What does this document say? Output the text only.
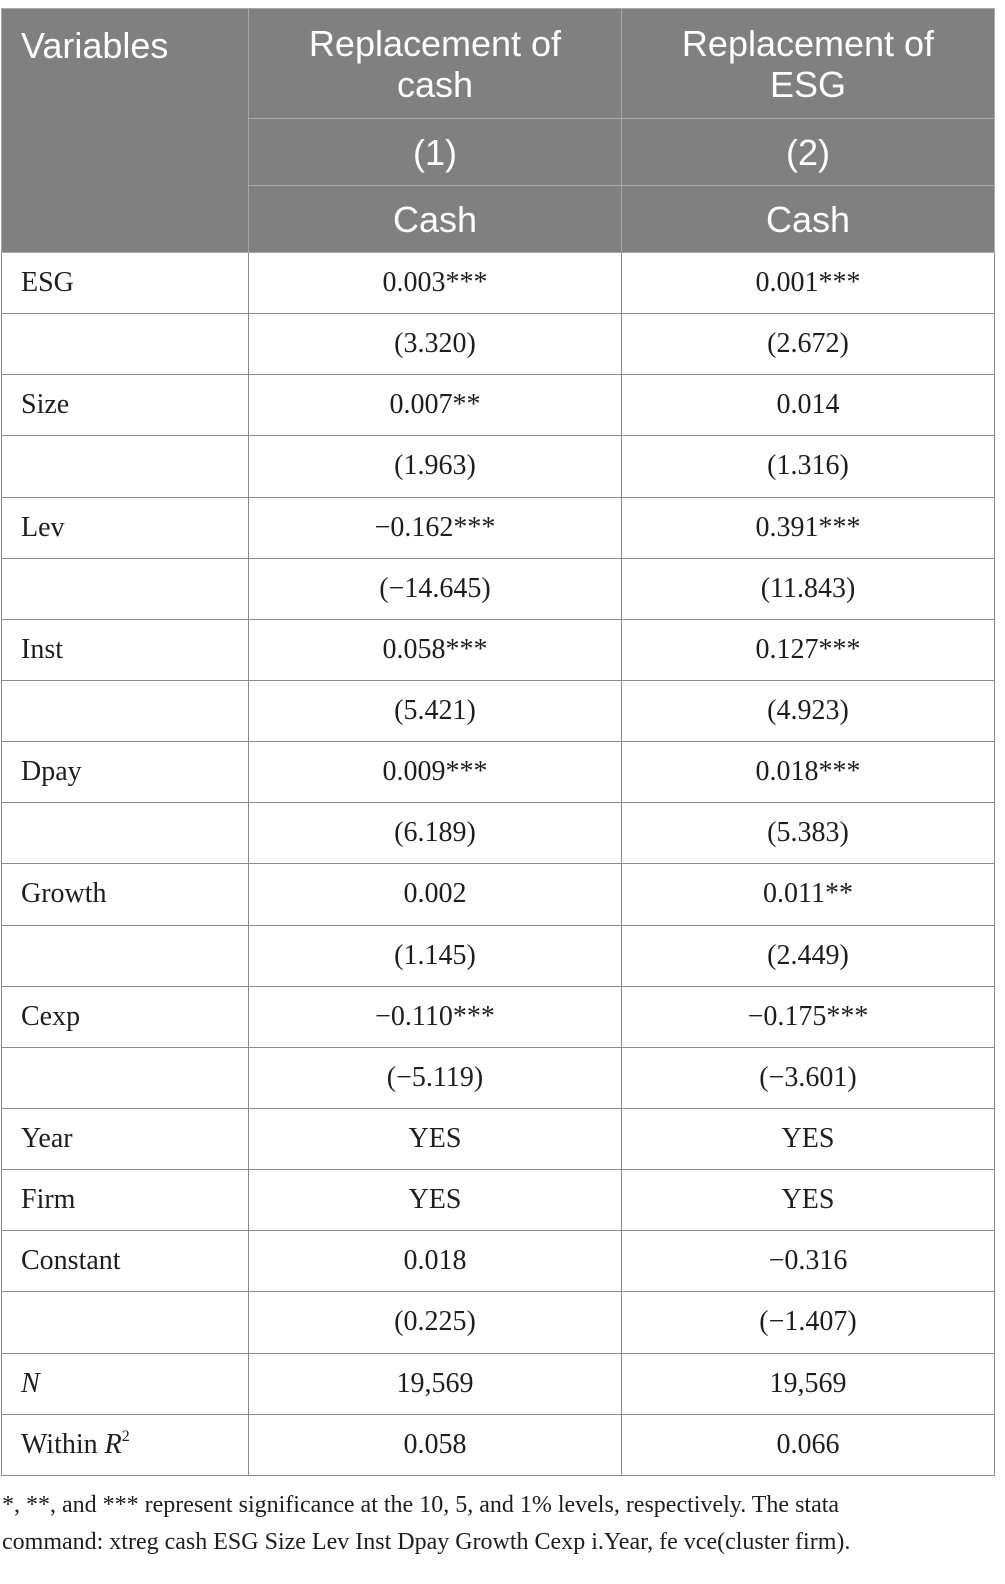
Variables	Replacement of cash	Replacement of ESG
	(1)	(2)
	Cash	Cash
ESG	0.003***	0.001***
	(3.320)	(2.672)
Size	0.007**	0.014
	(1.963)	(1.316)
Lev	−0.162***	0.391***
	(−14.645)	(11.843)
Inst	0.058***	0.127***
	(5.421)	(4.923)
Dpay	0.009***	0.018***
	(6.189)	(5.383)
Growth	0.002	0.011**
	(1.145)	(2.449)
Cexp	−0.110***	−0.175***
	(−5.119)	(−3.601)
Year	YES	YES
Firm	YES	YES
Constant	0.018	−0.316
	(0.225)	(−1.407)
N	19,569	19,569
Within $R^2$	0.058	0.066
*, **, and *** represent significance at the 10, 5, and 1% levels, respectively. The stata
command: xtreg cash ESG Size Lev Inst Dpay Growth Cexp i.Year, fe vce(cluster firm).
